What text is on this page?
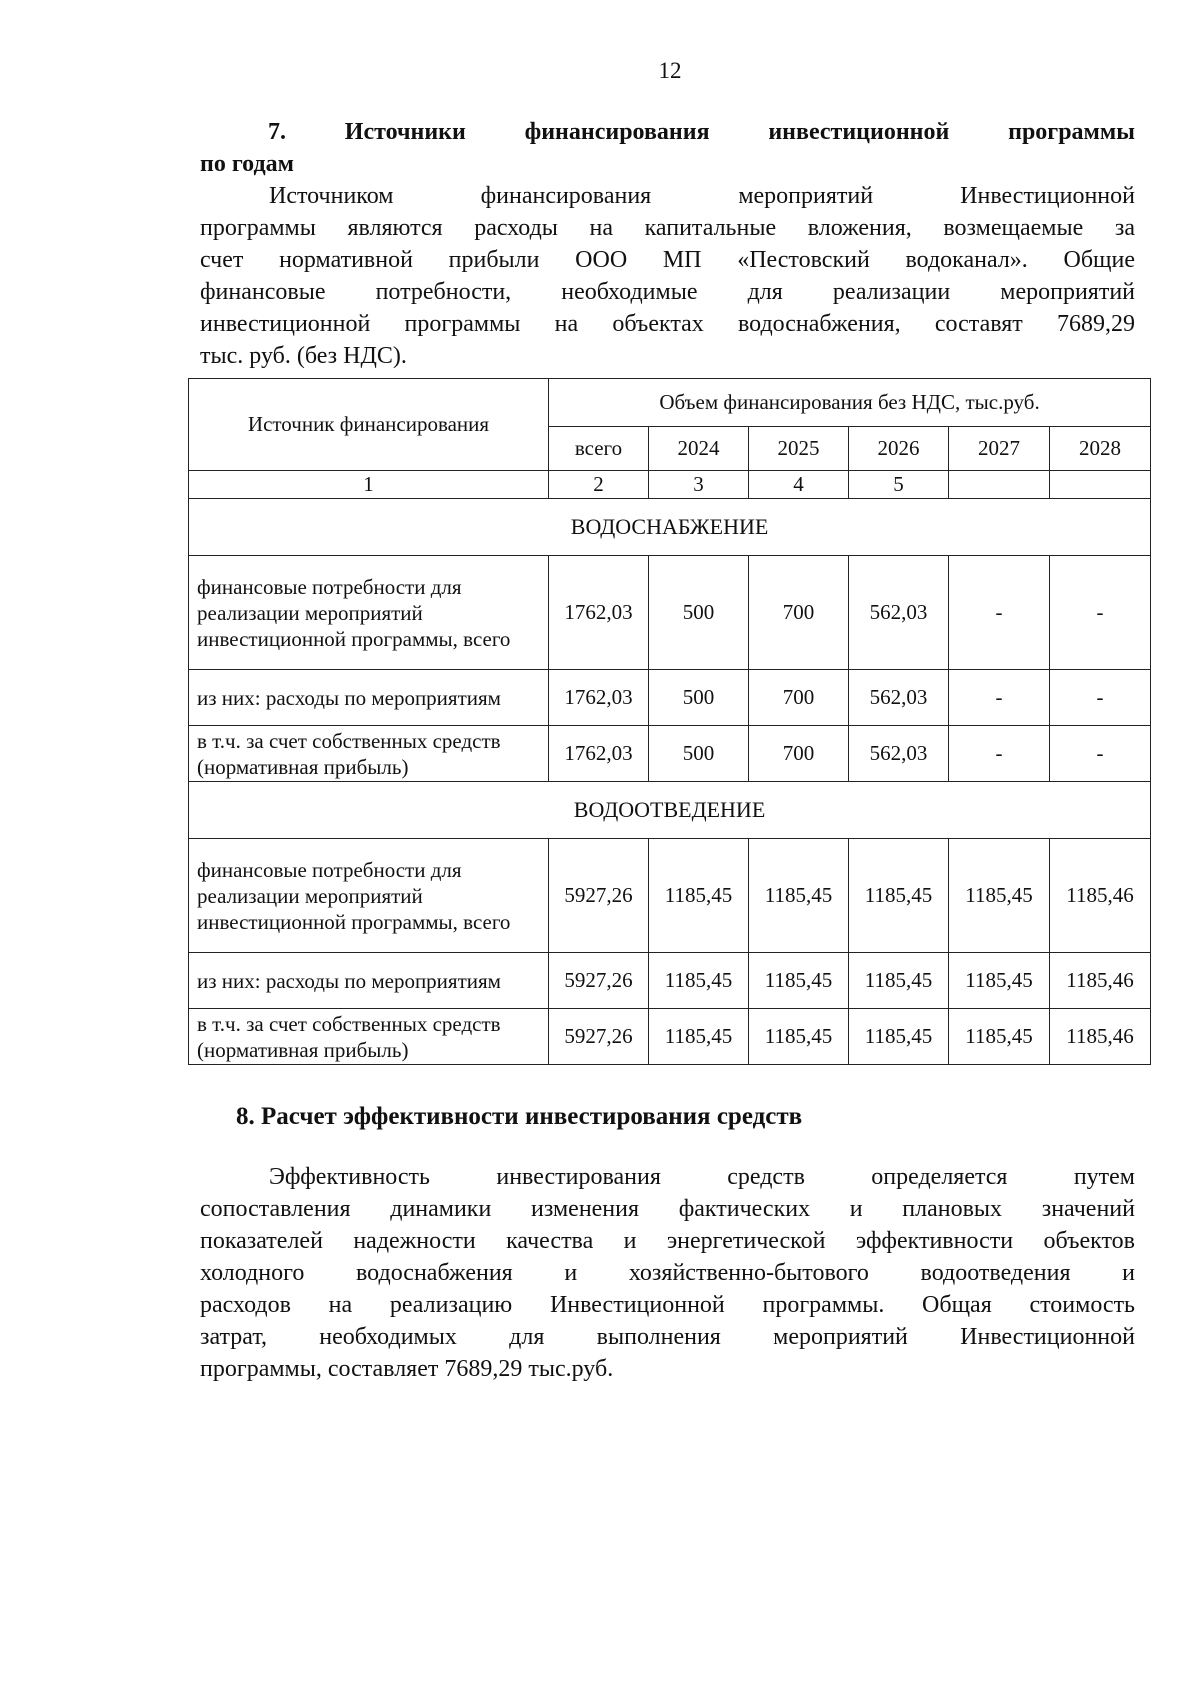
12
7. Источники финансирования инвестиционной программы
по годам

Источником финансирования мероприятий Инвестиционной

программы являются расходы на капитальные вложения, возмещаемые за

счет нормативной прибыли ООО МП «Пестовский водоканал». Общие

финансовые потребности, необходимые для реализации мероприятий

инвестиционной программы на объектах водоснабжения, составят 7689,29

тыс. руб. (без НДС).

Источник финансирования	Объем финансирования без НДС, тыс.руб.					
	всего	2024	2025	2026	2027	2028
1	2	3	4	5		
ВОДОСНАБЖЕНИЕ						
финансовые потребности для реализации мероприятий инвестиционной программы, всего	1762,03	500	700	562,03	-	-
из них: расходы по мероприятиям	1762,03	500	700	562,03	-	-
в т.ч. за счет собственных средств (нормативная прибыль)	1762,03	500	700	562,03	-	-
ВОДООТВЕДЕНИЕ						
финансовые потребности для реализации мероприятий инвестиционной программы, всего	5927,26	1185,45	1185,45	1185,45	1185,45	1185,46
из них: расходы по мероприятиям	5927,26	1185,45	1185,45	1185,45	1185,45	1185,46
в т.ч. за счет собственных средств (нормативная прибыль)	5927,26	1185,45	1185,45	1185,45	1185,45	1185,46
8. Расчет эффективности инвестирования средств

Эффективность инвестирования средств определяется путем

сопоставления динамики изменения фактических и плановых значений

показателей надежности качества и энергетической эффективности объектов

холодного водоснабжения и хозяйственно-бытового водоотведения и

расходов на реализацию Инвестиционной программы. Общая стоимость

затрат, необходимых для выполнения мероприятий Инвестиционной

программы, составляет 7689,29 тыс.руб.
